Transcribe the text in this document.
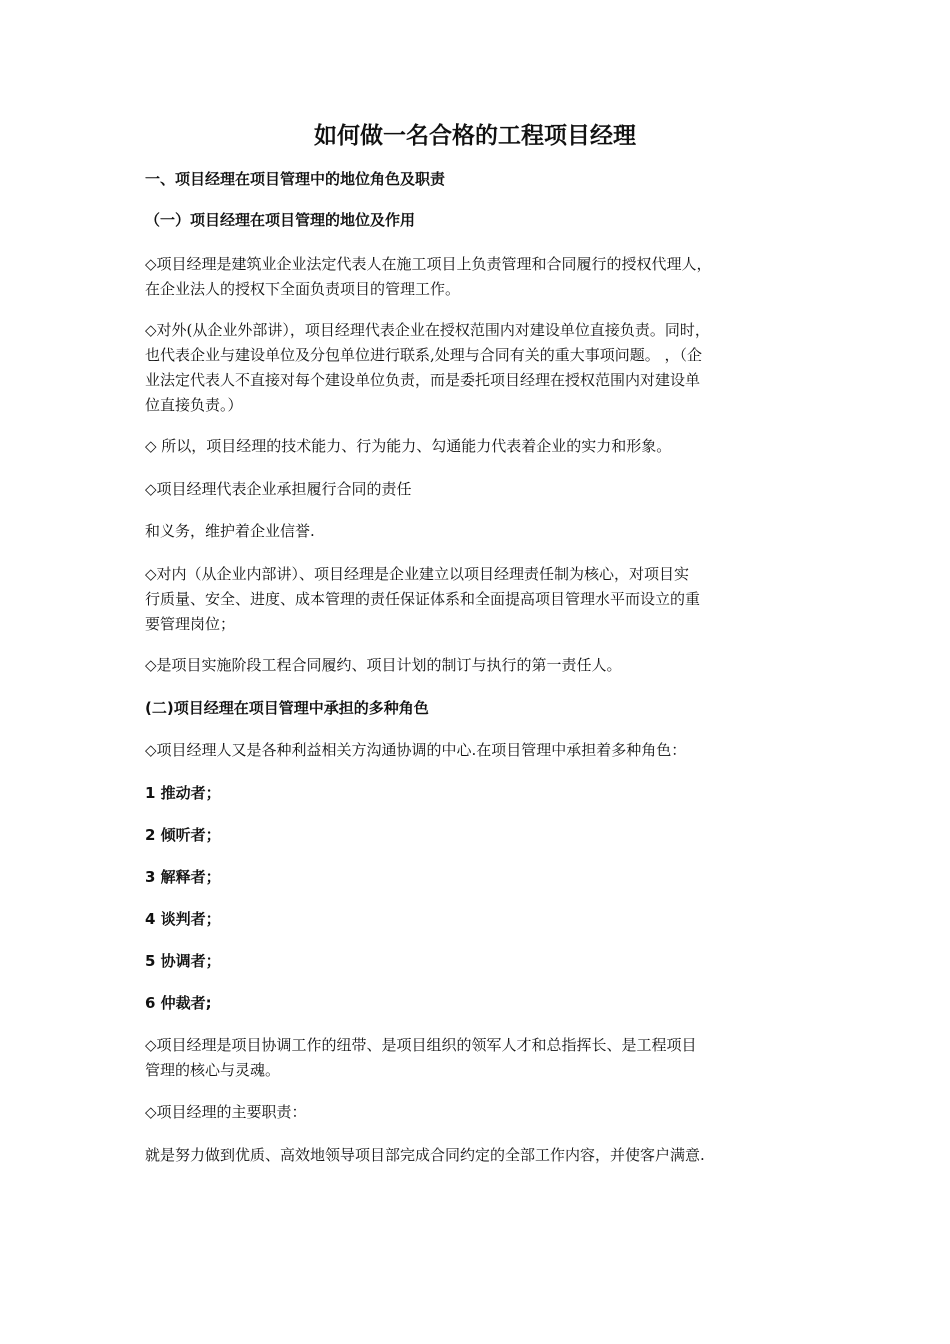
如何做一名合格的工程项目经理
一、项目经理在项目管理中的地位角色及职责
（一）项目经理在项目管理的地位及作用

◇项目经理是建筑业企业法定代表人在施工项目上负责管理和合同履行的授权代理人，
在企业法人的授权下全面负责项目的管理工作。

◇对外(从企业外部讲），项目经理代表企业在授权范围内对建设单位直接负责。同时，
也代表企业与建设单位及分包单位进行联系,处理与合同有关的重大事项问题。 ，（企
业法定代表人不直接对每个建设单位负责，而是委托项目经理在授权范围内对建设单
位直接负责。）

◇ 所以，项目经理的技术能力、行为能力、勾通能力代表着企业的实力和形象。

◇项目经理代表企业承担履行合同的责任

和义务，维护着企业信誉.

◇对内（从企业内部讲）、项目经理是企业建立以项目经理责任制为核心，对项目实
行质量、安全、进度、成本管理的责任保证体系和全面提高项目管理水平而设立的重
要管理岗位；

◇是项目实施阶段工程合同履约、项目计划的制订与执行的第一责任人。

(二)项目经理在项目管理中承担的多种角色

◇项目经理人又是各种利益相关方沟通协调的中心.在项目管理中承担着多种角色：

1 推动者；
2 倾听者；
3 解释者；
4 谈判者；
5 协调者；
6 仲裁者;

◇项目经理是项目协调工作的纽带、是项目组织的领军人才和总指挥长、是工程项目
管理的核心与灵魂。

◇项目经理的主要职责：

就是努力做到优质、高效地领导项目部完成合同约定的全部工作内容，并使客户满意.
